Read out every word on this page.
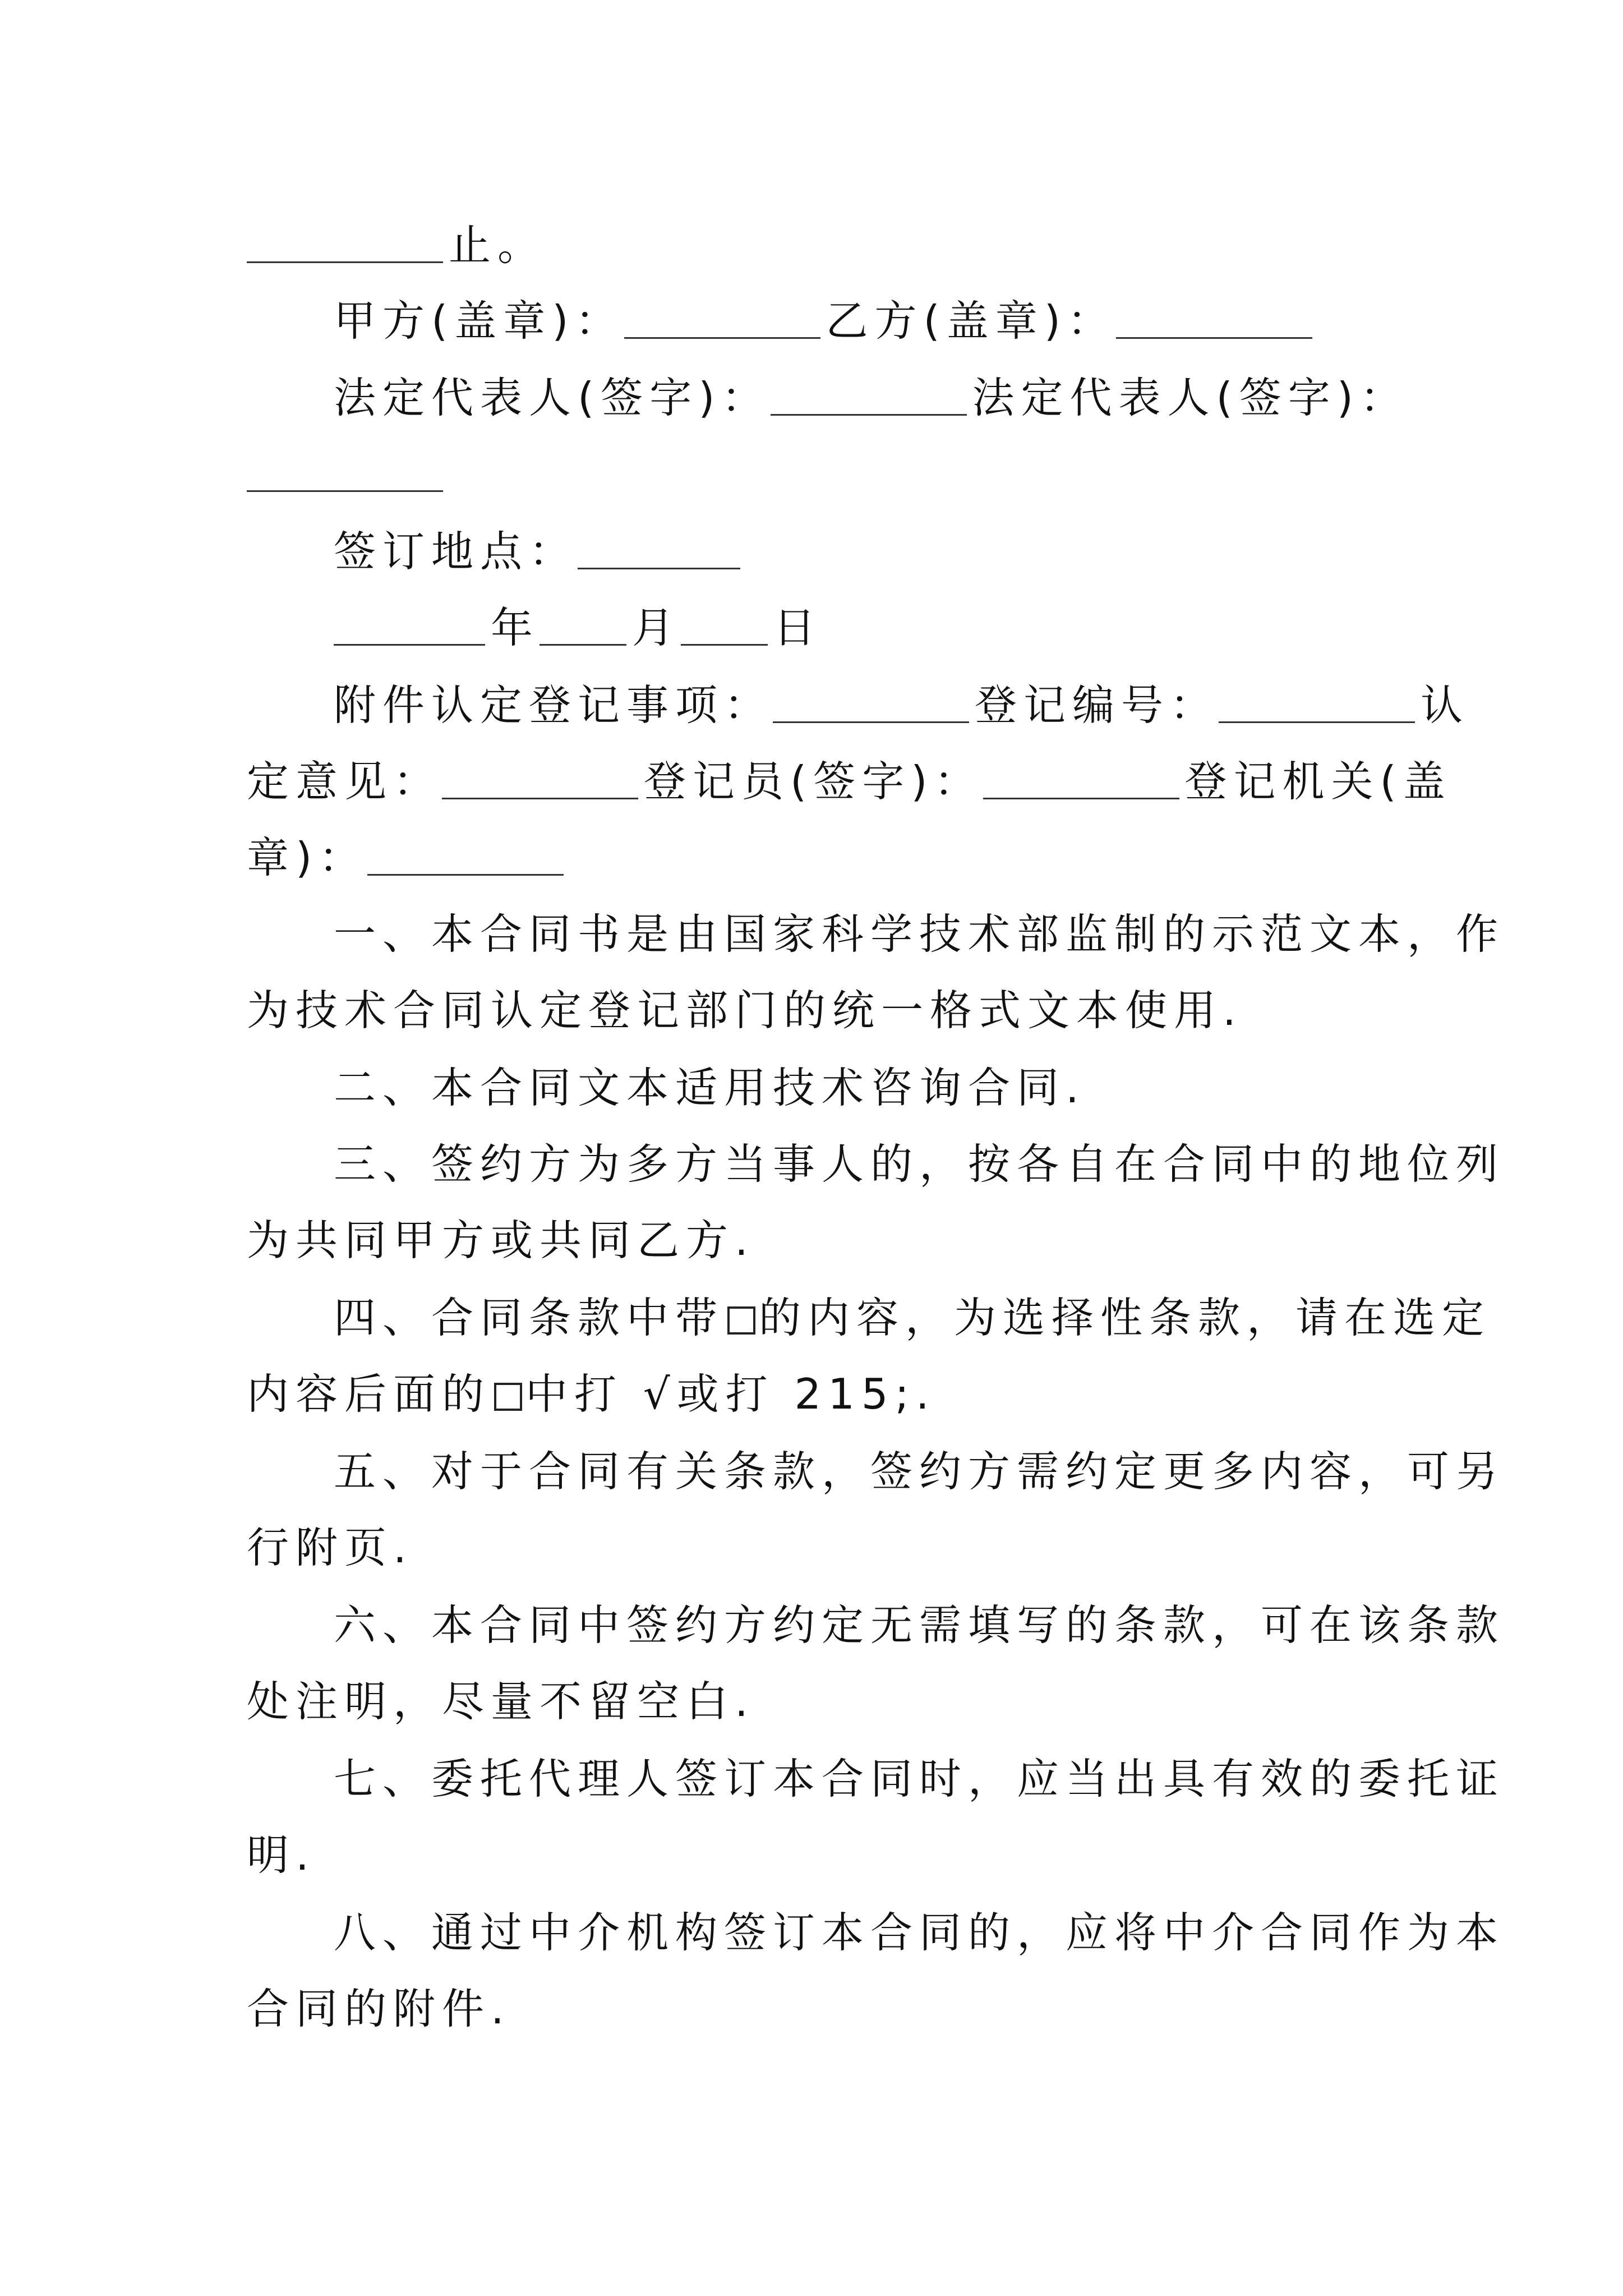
止。
甲方(盖章)：	乙方(盖章)：
法定代表人(签字)：	法定代表人(签字)：
签订地点：
年 月 日
附件认定登记事项：	登记编号：	认
定意见：	登记员(签字)：	登记机关(盖
章)：
一、本合同书是由国家科学技术部监制的示范文本，作
为技术合同认定登记部门的统一格式文本使用.
二、本合同文本适用技术咨询合同.
三、签约方为多方当事人的，按各自在合同中的地位列
为共同甲方或共同乙方.
四、合同条款中带 的内容，为选择性条款，请在选定
内容后面的 中打 √或打 215;.
五、对于合同有关条款，签约方需约定更多内容，可另
行附页.
六、本合同中签约方约定无需填写的条款，可在该条款
处注明，尽量不留空白.
七、委托代理人签订本合同时，应当出具有效的委托证
明.
八、通过中介机构签订本合同的，应将中介合同作为本
合同的附件.
